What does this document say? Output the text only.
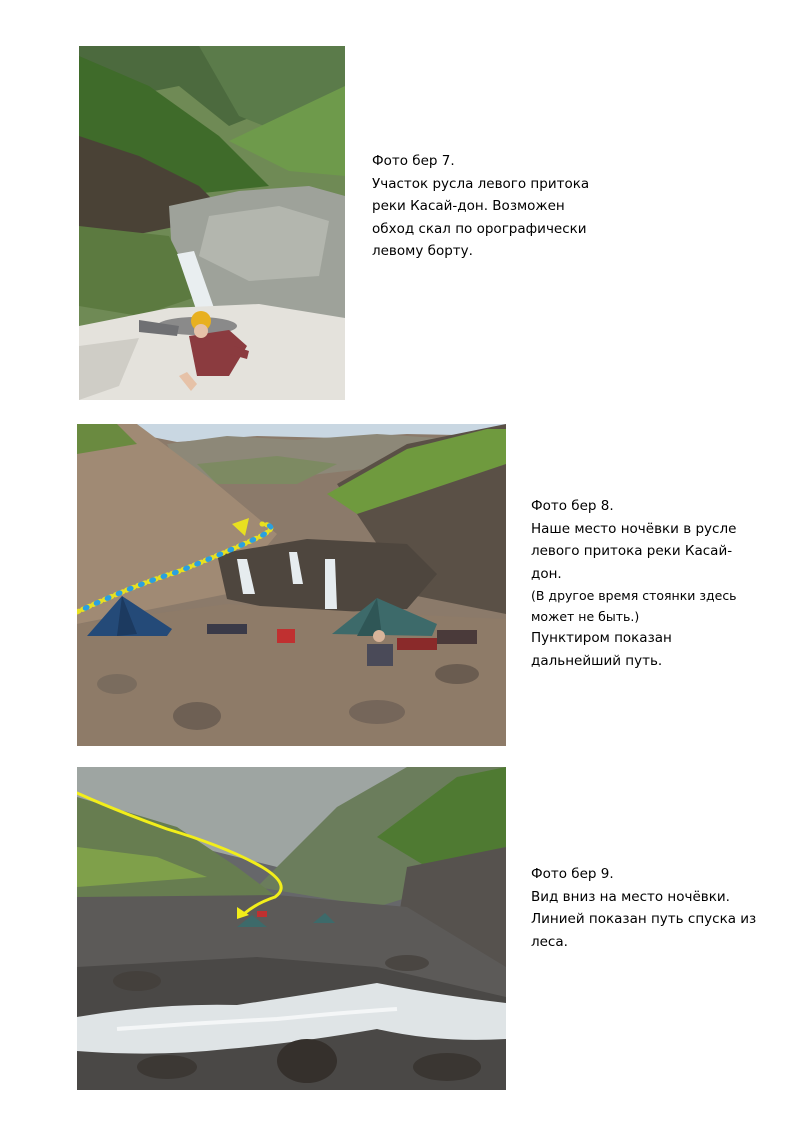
Фото бер 7.
Участок русла левого притока
реки Касай-дон. Возможен
обход скал по орографически
левому борту.
Фото бер 8.
Наше место ночёвки в русле
левого притока реки Касай-
дон.
(В другое время стоянки здесь
может не быть.)
Пунктиром показан
дальнейший путь.
Фото бер 9.
Вид вниз на место ночёвки.
Линией показан путь спуска из
леса.
